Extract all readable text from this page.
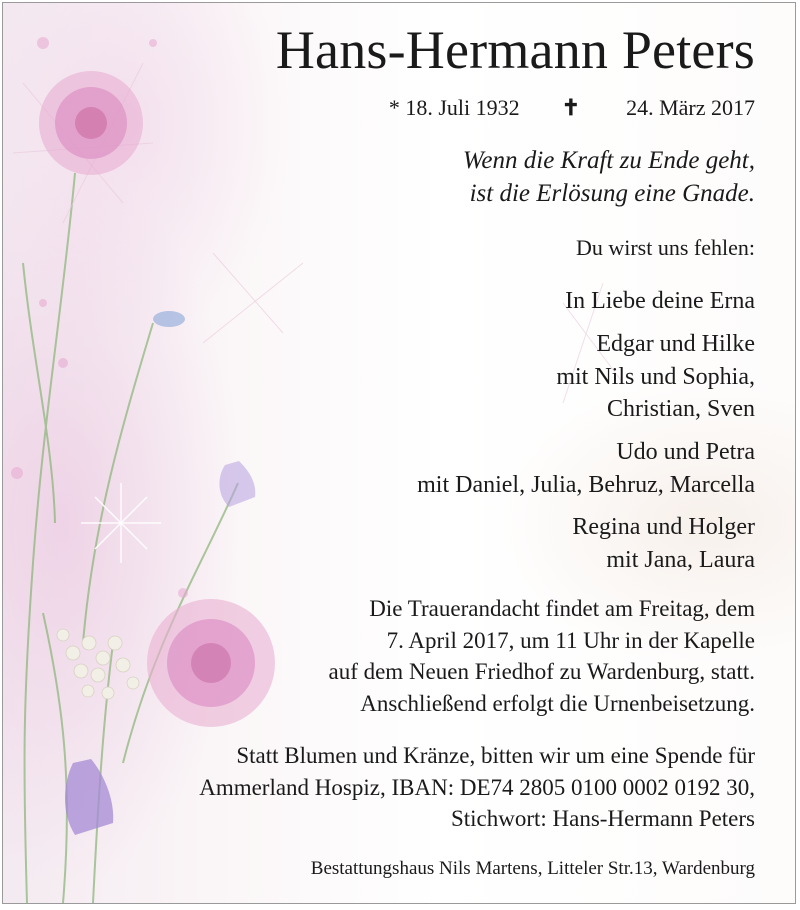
Hans-Hermann Peters
* 18. Juli 1932 ✝ 24. März 2017
Wenn die Kraft zu Ende geht,
ist die Erlösung eine Gnade.
Du wirst uns fehlen:
In Liebe deine Erna
Edgar und Hilke
mit Nils und Sophia,
Christian, Sven
Udo und Petra
mit Daniel, Julia, Behruz, Marcella
Regina und Holger
mit Jana, Laura
Die Trauerandacht findet am Freitag, dem
7. April 2017, um 11 Uhr in der Kapelle
auf dem Neuen Friedhof zu Wardenburg, statt.
Anschließend erfolgt die Urnenbeisetzung.
Statt Blumen und Kränze, bitten wir um eine Spende für
Ammerland Hospiz, IBAN: DE74 2805 0100 0002 0192 30,
Stichwort: Hans-Hermann Peters
Bestattungshaus Nils Martens, Litteler Str.13, Wardenburg
